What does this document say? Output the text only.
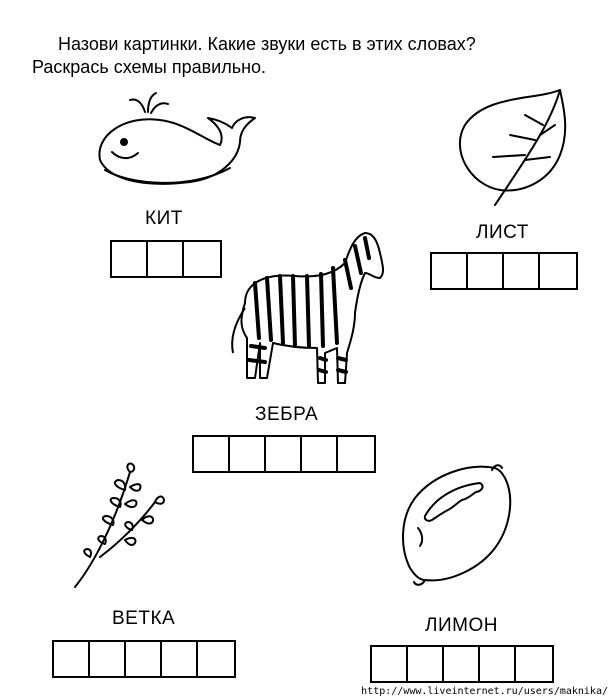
Назови картинки. Какие звуки есть в этих словах?
Раскрась схемы правильно.
КИТ
ЛИСТ
ЗЕБРА
ВЕТКА	ЛИМОН
http://www.liveinternet.ru/users/maknika/
